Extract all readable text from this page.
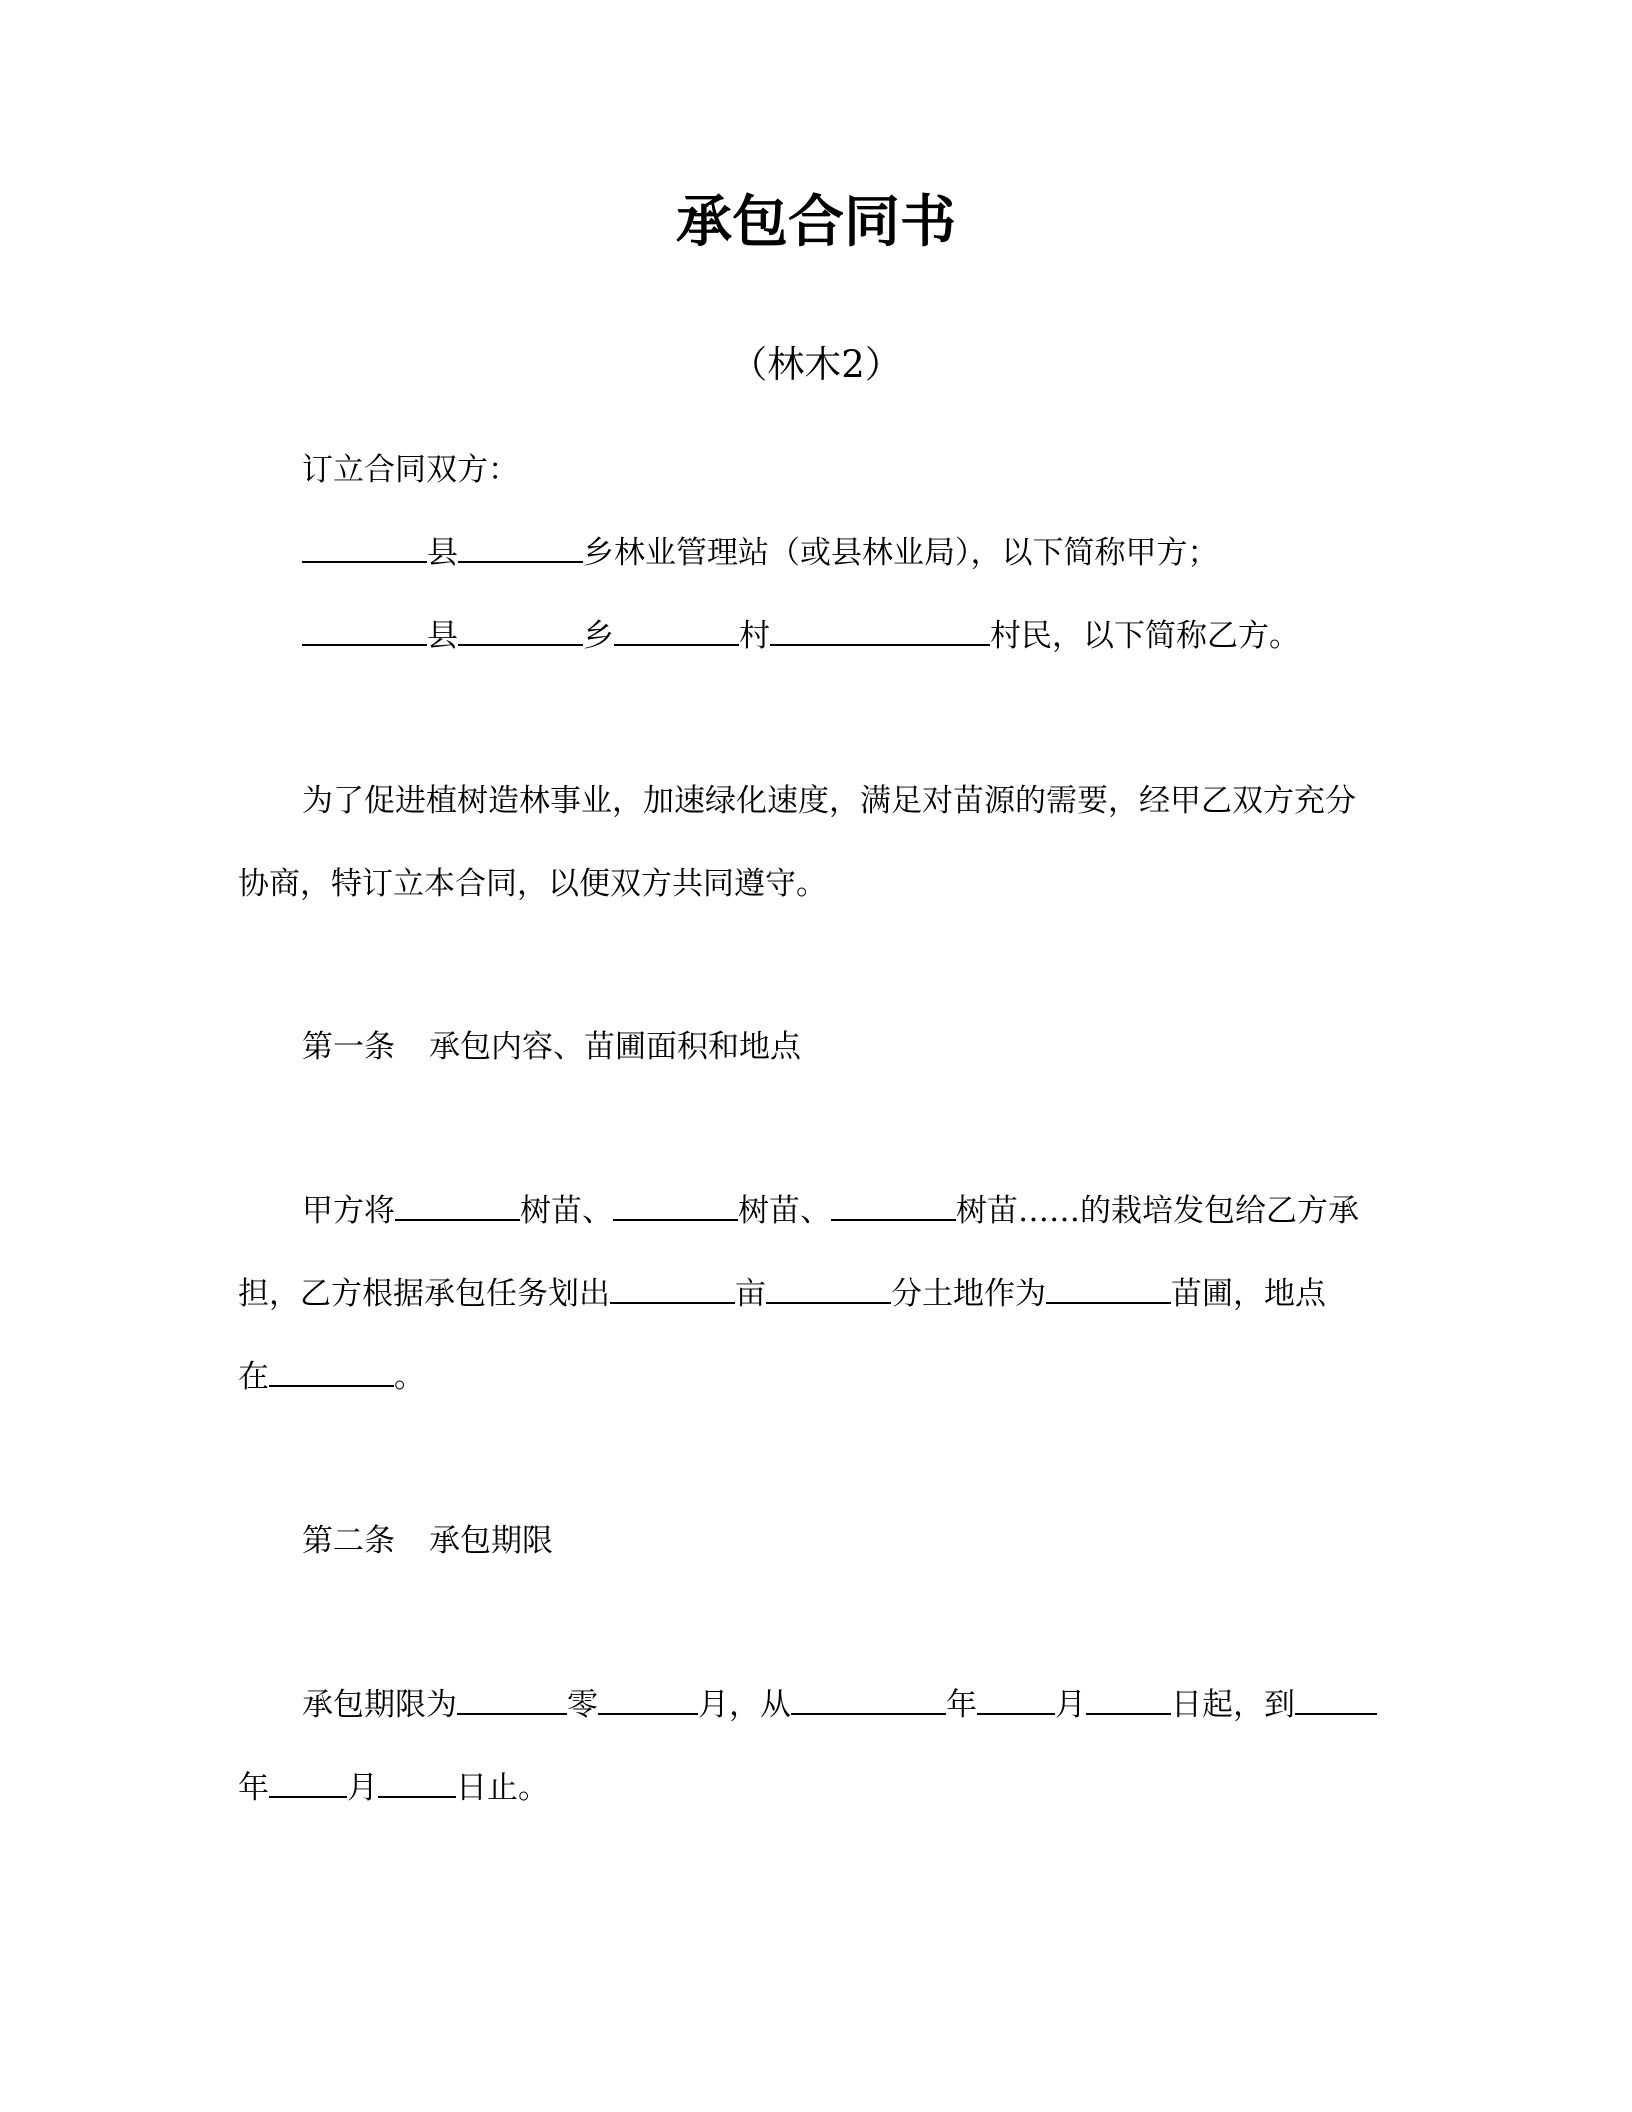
承包合同书
（林木2）
订立合同双方：
县	乡林业管理站（或县林业局），以下简称甲方；
县	乡	村	村民，以下简称乙方。
为了促进植树造林事业，加速绿化速度，满足对苗源的需要，经甲乙双方充分
协商，特订立本合同，以便双方共同遵守。
第一条 承包内容、苗圃面积和地点
甲方将	树苗、	树苗、	树苗……的栽培发包给乙方承
担，乙方根据承包任务划出	亩	分土地作为	苗圃，地点
在	。
第二条 承包期限
承包期限为	零	月，从	年	月	日起，到
年	月	日止。
